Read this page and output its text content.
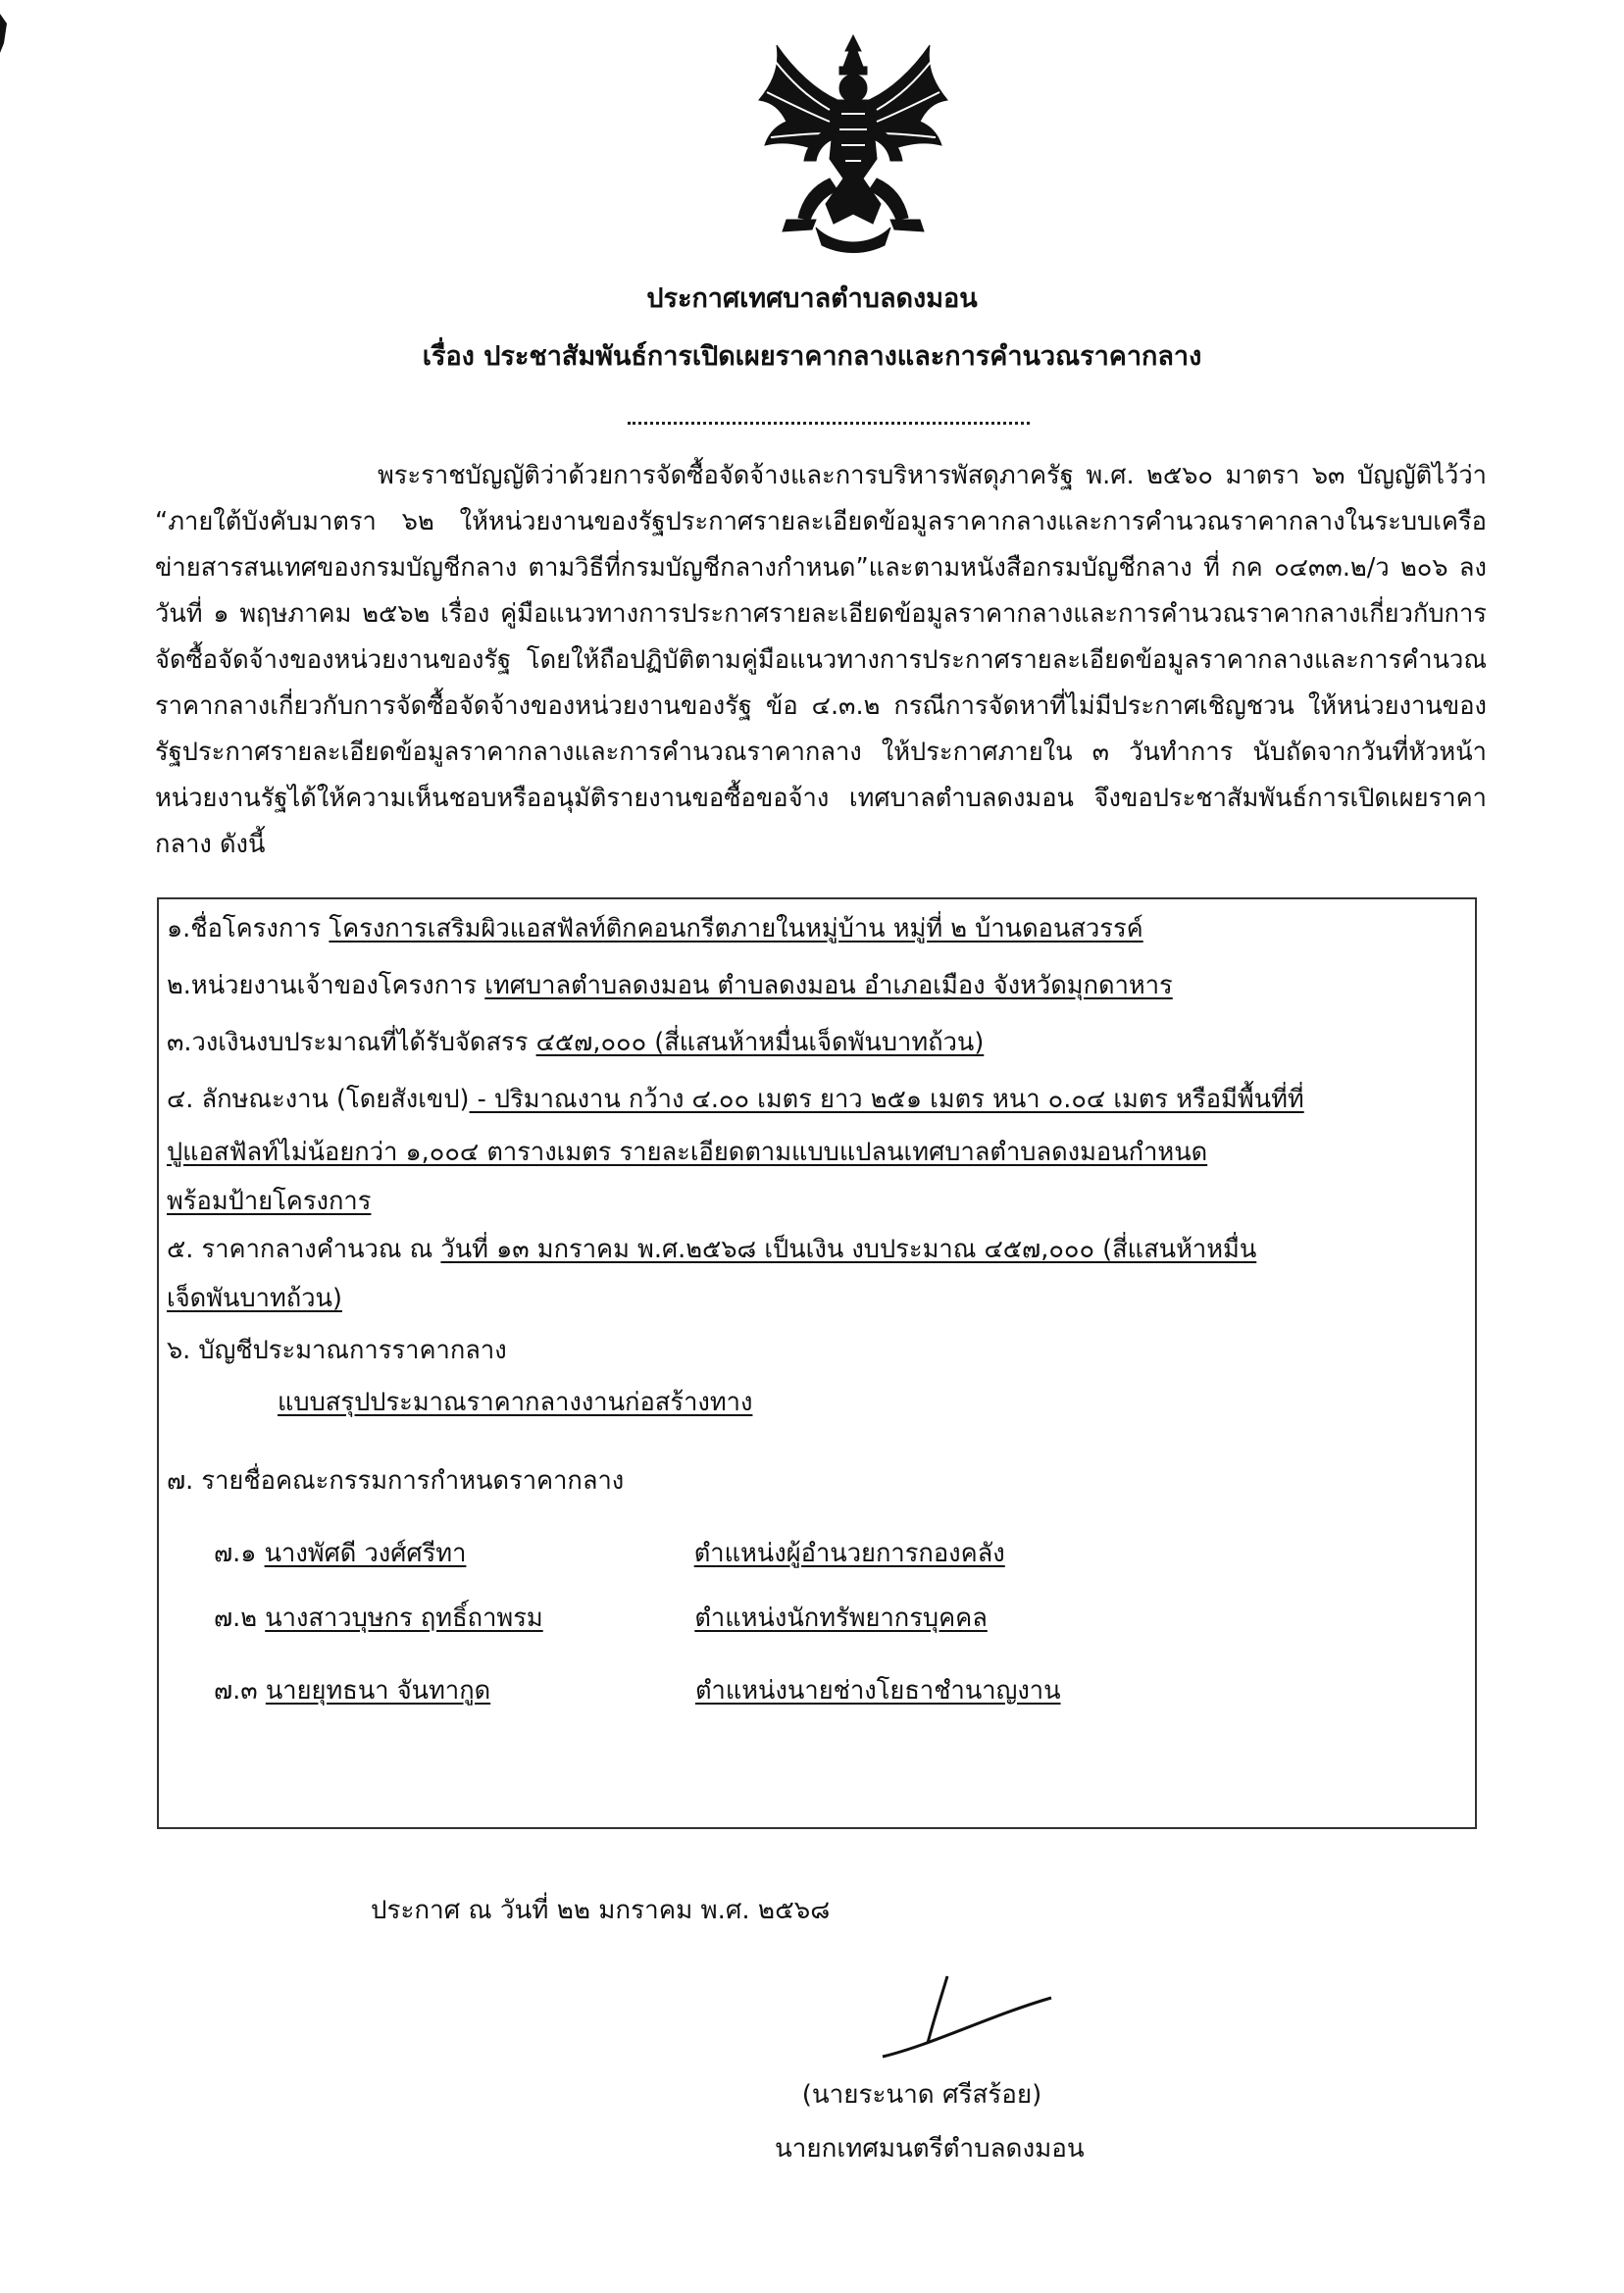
ประกาศเทศบาลตำบลดงมอน
เรื่อง ประชาสัมพันธ์การเปิดเผยราคากลางและการคำนวณราคากลาง

พระราชบัญญัติว่าด้วยการจัดซื้อจัดจ้างและการบริหารพัสดุภาครัฐ พ.ศ. ๒๕๖๐ มาตรา ๖๓ บัญญัติไว้ว่า “ภายใต้บังคับมาตรา ๖๒ ให้หน่วยงานของรัฐประกาศรายละเอียดข้อมูลราคากลางและการคำนวณราคากลางในระบบเครือข่ายสารสนเทศของกรมบัญชีกลาง ตามวิธีที่กรมบัญชีกลางกำหนด”และตามหนังสือกรมบัญชีกลาง ที่ กค ๐๔๓๓.๒/ว ๒๐๖ ลงวันที่ ๑ พฤษภาคม ๒๕๖๒ เรื่อง คู่มือแนวทางการประกาศรายละเอียดข้อมูลราคากลางและการคำนวณราคากลางเกี่ยวกับการจัดซื้อจัดจ้างของหน่วยงานของรัฐ โดยให้ถือปฏิบัติตามคู่มือแนวทางการประกาศรายละเอียดข้อมูลราคากลางและการคำนวณราคากลางเกี่ยวกับการจัดซื้อจัดจ้างของหน่วยงานของรัฐ ข้อ ๔.๓.๒ กรณีการจัดหาที่ไม่มีประกาศเชิญชวน ให้หน่วยงานของรัฐประกาศรายละเอียดข้อมูลราคากลางและการคำนวณราคากลาง ให้ประกาศภายใน ๓ วันทำการ นับถัดจากวันที่หัวหน้าหน่วยงานรัฐได้ให้ความเห็นชอบหรืออนุมัติรายงานขอซื้อขอจ้าง เทศบาลตำบลดงมอน จึงขอประชาสัมพันธ์การเปิดเผยราคากลาง ดังนี้

๑.ชื่อโครงการ โครงการเสริมผิวแอสฟัลท์ติกคอนกรีตภายในหมู่บ้าน หมู่ที่ ๒ บ้านดอนสวรรค์
๒.หน่วยงานเจ้าของโครงการ เทศบาลตำบลดงมอน ตำบลดงมอน อำเภอเมือง จังหวัดมุกดาหาร
๓.วงเงินงบประมาณที่ได้รับจัดสรร ๔๕๗,๐๐๐ (สี่แสนห้าหมื่นเจ็ดพันบาทถ้วน)
๔. ลักษณะงาน (โดยสังเขป) - ปริมาณงาน กว้าง ๔.๐๐ เมตร ยาว ๒๕๑ เมตร หนา ๐.๐๔ เมตร หรือมีพื้นที่ที่
ปูแอสฟัลท์ไม่น้อยกว่า ๑,๐๐๔ ตารางเมตร รายละเอียดตามแบบแปลนเทศบาลตำบลดงมอนกำหนด
พร้อมป้ายโครงการ
๕. ราคากลางคำนวณ ณ วันที่ ๑๓ มกราคม พ.ศ.๒๕๖๘ เป็นเงิน งบประมาณ ๔๕๗,๐๐๐ (สี่แสนห้าหมื่น
เจ็ดพันบาทถ้วน)
๖. บัญชีประมาณการราคากลาง
แบบสรุปประมาณราคากลางงานก่อสร้างทาง
๗. รายชื่อคณะกรรมการกำหนดราคากลาง
๗.๑ นางพัศดี วงศ์ศรีทา	ตำแหน่งผู้อำนวยการกองคลัง
๗.๒ นางสาวบุษกร ฤทธิ์ถาพรม	ตำแหน่งนักทรัพยากรบุคคล
๗.๓ นายยุทธนา จันทากูด	ตำแหน่งนายช่างโยธาชำนาญงาน
ประกาศ ณ วันที่ ๒๒ มกราคม พ.ศ. ๒๕๖๘
(นายระนาด ศรีสร้อย)
นายกเทศมนตรีตำบลดงมอน
